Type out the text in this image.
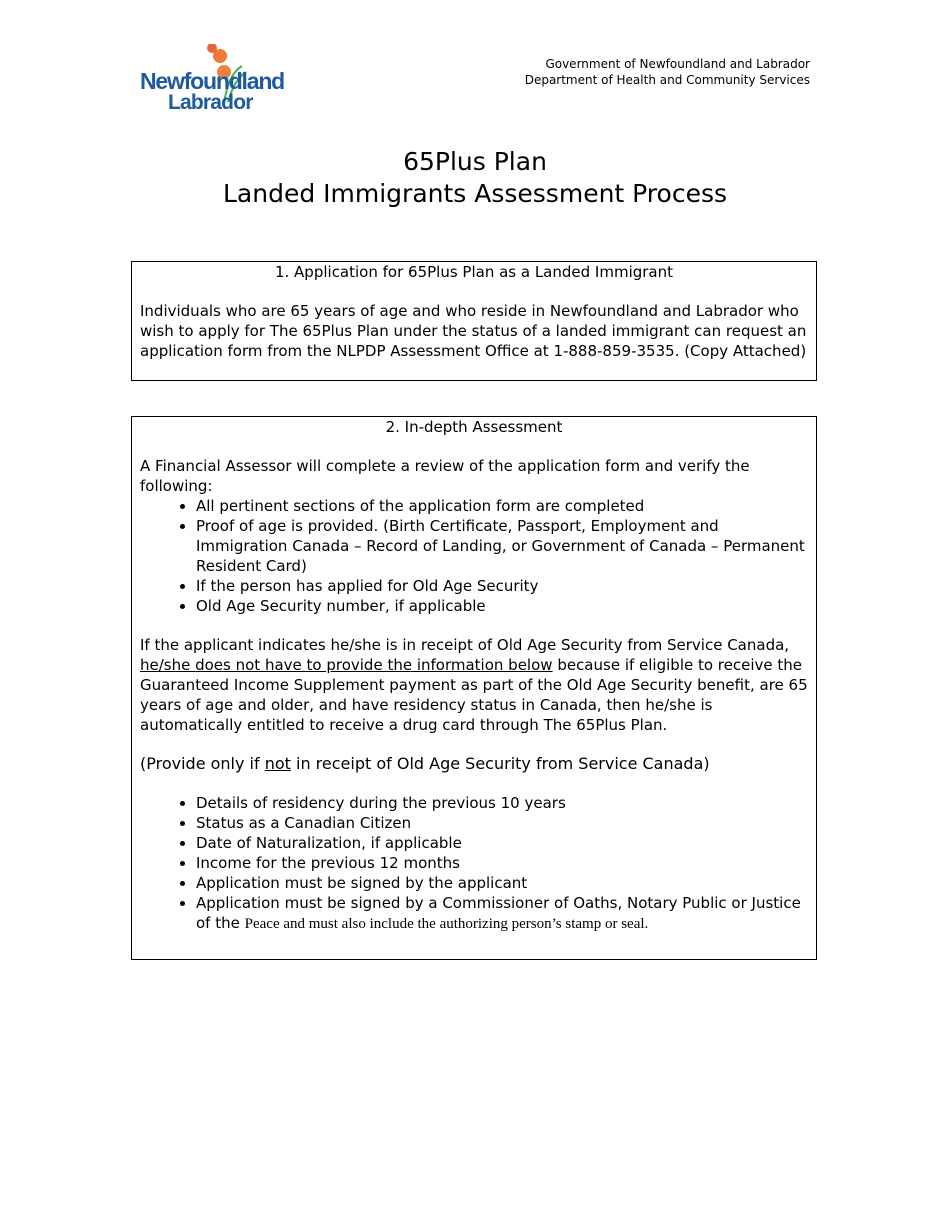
Newfoundland
Labrador
Government of Newfoundland and Labrador
Department of Health and Community Services
65Plus Plan
Landed Immigrants Assessment Process
1. Application for 65Plus Plan as a Landed Immigrant

Individuals who are 65 years of age and who reside in Newfoundland and Labrador who wish to apply for The 65Plus Plan under the status of a landed immigrant can request an application form from the NLPDP Assessment Office at 1-888-859-3535. (Copy Attached)

2. In-depth Assessment

A Financial Assessor will complete a review of the application form and verify the following:

• All pertinent sections of the application form are completed
• Proof of age is provided. (Birth Certificate, Passport, Employment and Immigration Canada – Record of Landing, or Government of Canada – Permanent Resident Card)
• If the person has applied for Old Age Security
• Old Age Security number, if applicable

If the applicant indicates he/she is in receipt of Old Age Security from Service Canada, he/she does not have to provide the information below because if eligible to receive the Guaranteed Income Supplement payment as part of the Old Age Security benefit, are 65 years of age and older, and have residency status in Canada, then he/she is automatically entitled to receive a drug card through The 65Plus Plan.

(Provide only if not in receipt of Old Age Security from Service Canada)

• Details of residency during the previous 10 years
• Status as a Canadian Citizen
• Date of Naturalization, if applicable
• Income for the previous 12 months
• Application must be signed by the applicant
• Application must be signed by a Commissioner of Oaths, Notary Public or Justice of the Peace and must also include the authorizing person’s stamp or seal.
